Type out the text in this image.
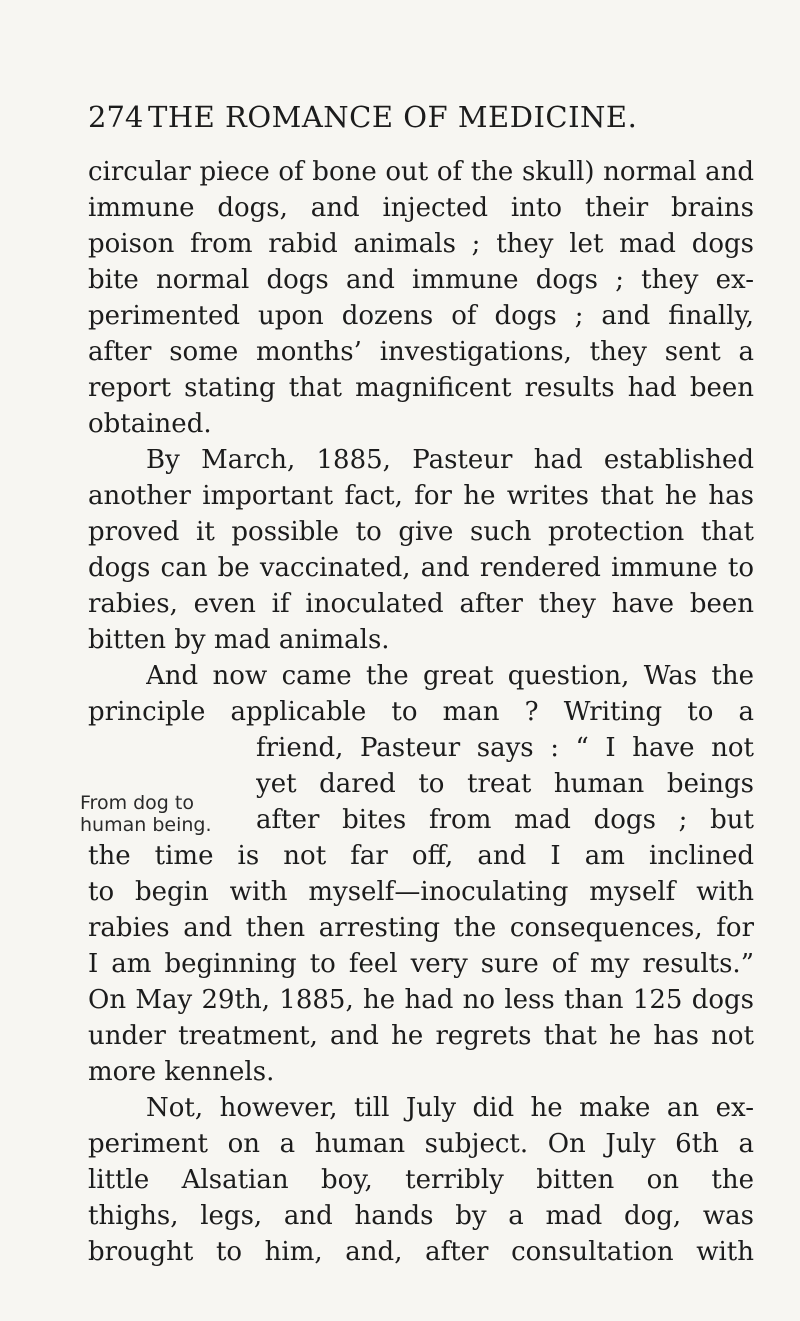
274 THE ROMANCE OF MEDICINE.
circular piece of bone out of the skull) normal and
immune dogs, and injected into their brains
poison from rabid animals ; they let mad dogs
bite normal dogs and immune dogs ; they ex-
perimented upon dozens of dogs ; and finally,
after some months’ investigations, they sent a
report stating that magnificent results had been
obtained.
By March, 1885, Pasteur had established
another important fact, for he writes that he has
proved it possible to give such protection that
dogs can be vaccinated, and rendered immune to
rabies, even if inoculated after they have been
bitten by mad animals.
And now came the great question, Was the
principle applicable to man ? Writing to a
From dog to
human being.
friend, Pasteur says : “ I have not
yet dared to treat human beings
after bites from mad dogs ; but
the time is not far off, and I am inclined
to begin with myself—inoculating myself with
rabies and then arresting the consequences, for
I am beginning to feel very sure of my results.”
On May 29th, 1885, he had no less than 125 dogs
under treatment, and he regrets that he has not
more kennels.
Not, however, till July did he make an ex-
periment on a human subject. On July 6th a
little Alsatian boy, terribly bitten on the
thighs, legs, and hands by a mad dog, was
brought to him, and, after consultation with
